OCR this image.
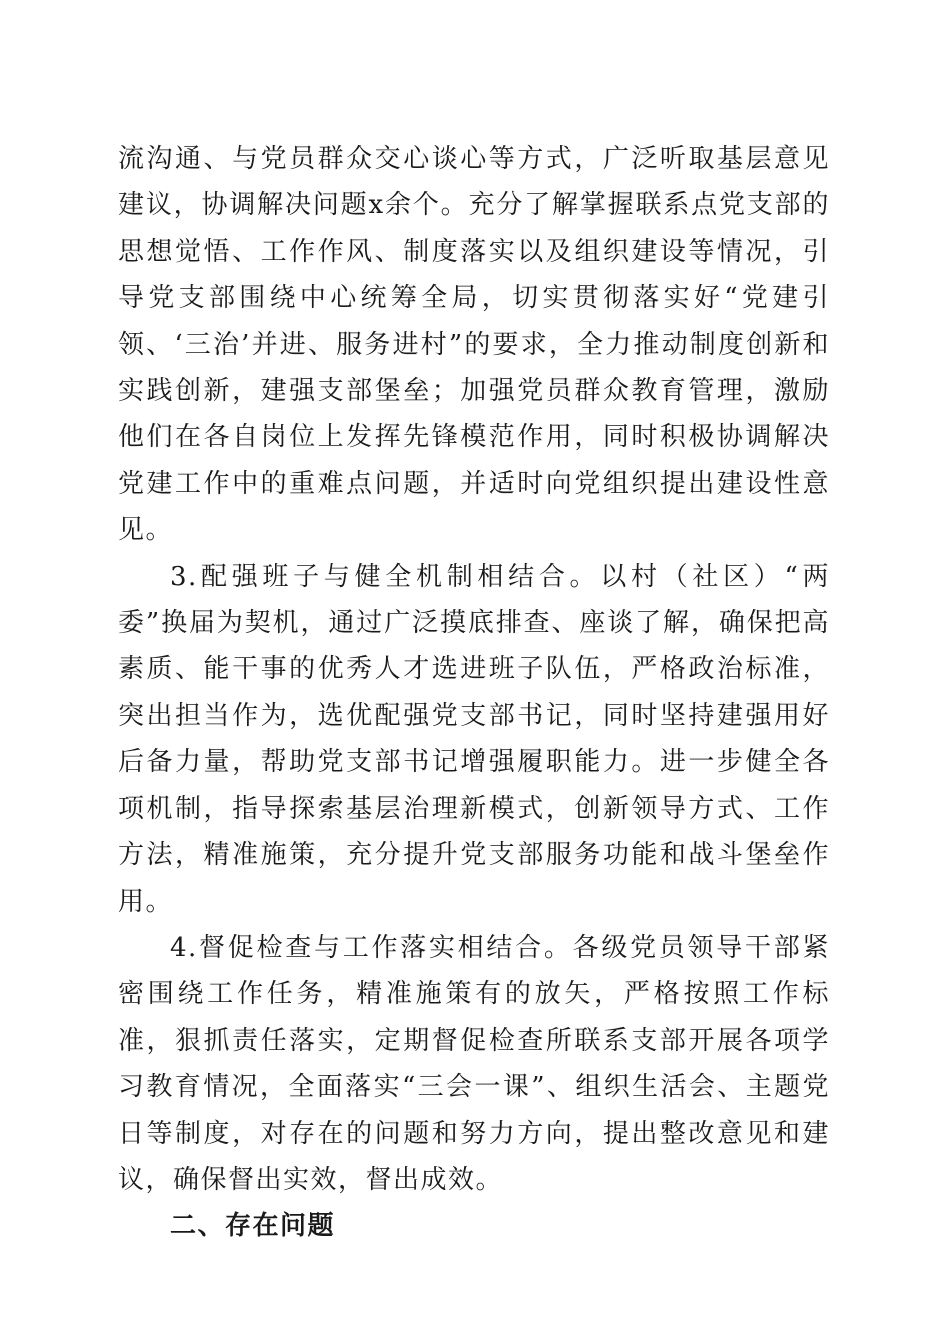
流沟通、与党员群众交心谈心等方式，广泛听取基层意见建议，协调解决问题x余个。充分了解掌握联系点党支部的思想觉悟、工作作风、制度落实以及组织建设等情况，引导党支部围绕中心统筹全局，切实贯彻落实好“党建引领、‘三治’并进、服务进村”的要求，全力推动制度创新和实践创新，建强支部堡垒；加强党员群众教育管理，激励他们在各自岗位上发挥先锋模范作用，同时积极协调解决党建工作中的重难点问题，并适时向党组织提出建设性意见。

3.配强班子与健全机制相结合。以村（社区）“两委”换届为契机，通过广泛摸底排查、座谈了解，确保把高素质、能干事的优秀人才选进班子队伍，严格政治标准，突出担当作为，选优配强党支部书记，同时坚持建强用好后备力量，帮助党支部书记增强履职能力。进一步健全各项机制，指导探索基层治理新模式，创新领导方式、工作方法，精准施策，充分提升党支部服务功能和战斗堡垒作用。

4.督促检查与工作落实相结合。各级党员领导干部紧密围绕工作任务，精准施策有的放矢，严格按照工作标准，狠抓责任落实，定期督促检查所联系支部开展各项学习教育情况，全面落实“三会一课”、组织生活会、主题党日等制度，对存在的问题和努力方向，提出整改意见和建议，确保督出实效，督出成效。

二、存在问题
